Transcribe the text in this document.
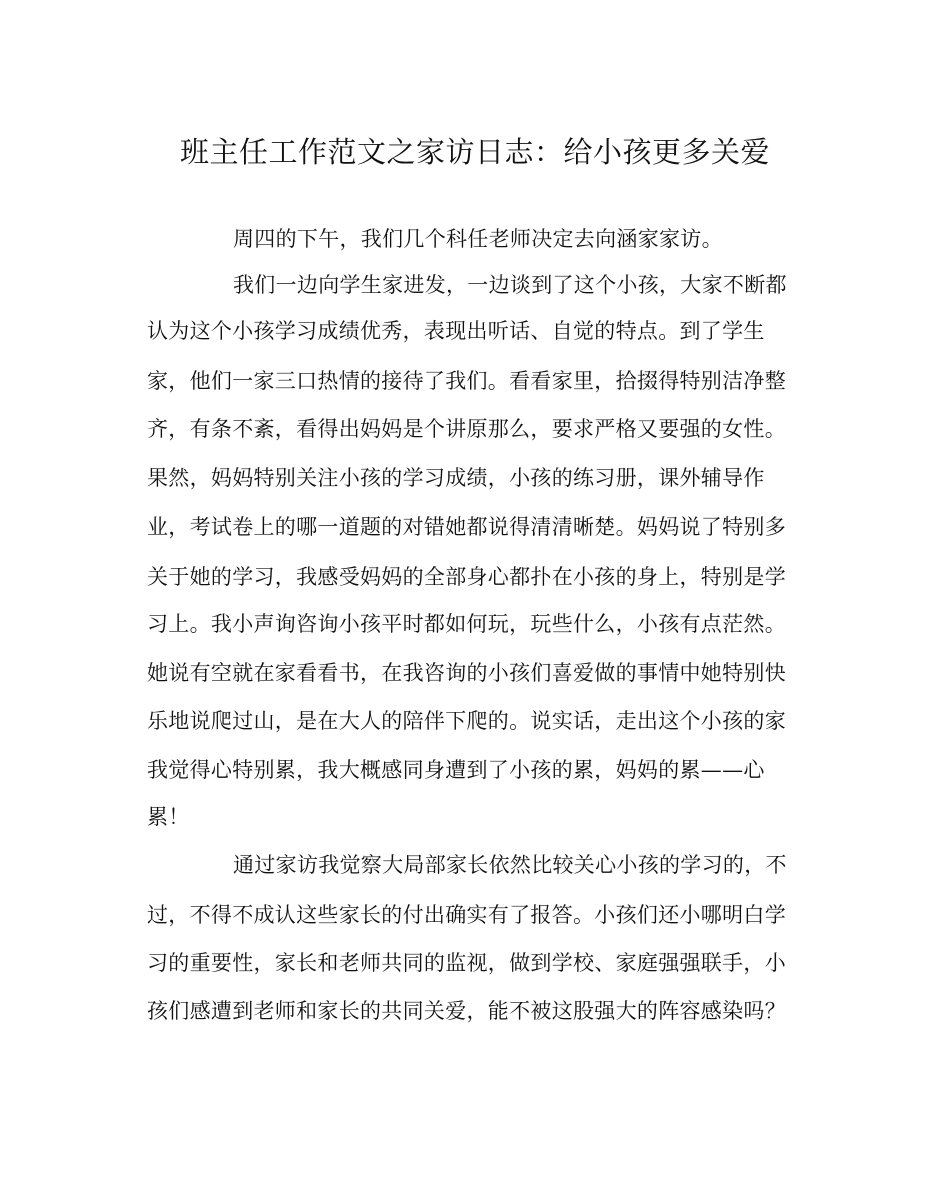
班主任工作范文之家访日志：给小孩更多关爱

周四的下午，我们几个科任老师决定去向涵家家访。

我们一边向学生家进发，一边谈到了这个小孩，大家不断都

认为这个小孩学习成绩优秀，表现出听话、自觉的特点。到了学生

家，他们一家三口热情的接待了我们。看看家里，拾掇得特别洁净整

齐，有条不紊，看得出妈妈是个讲原那么，要求严格又要强的女性。

果然，妈妈特别关注小孩的学习成绩，小孩的练习册，课外辅导作

业，考试卷上的哪一道题的对错她都说得清清晰楚。妈妈说了特别多

关于她的学习，我感受妈妈的全部身心都扑在小孩的身上，特别是学

习上。我小声询咨询小孩平时都如何玩，玩些什么，小孩有点茫然。

她说有空就在家看看书，在我咨询的小孩们喜爱做的事情中她特别快

乐地说爬过山，是在大人的陪伴下爬的。说实话，走出这个小孩的家

我觉得心特别累，我大概感同身遭到了小孩的累，妈妈的累——心

累！

通过家访我觉察大局部家长依然比较关心小孩的学习的，不

过，不得不成认这些家长的付出确实有了报答。小孩们还小哪明白学

习的重要性，家长和老师共同的监视，做到学校、家庭强强联手，小

孩们感遭到老师和家长的共同关爱，能不被这股强大的阵容感染吗？
